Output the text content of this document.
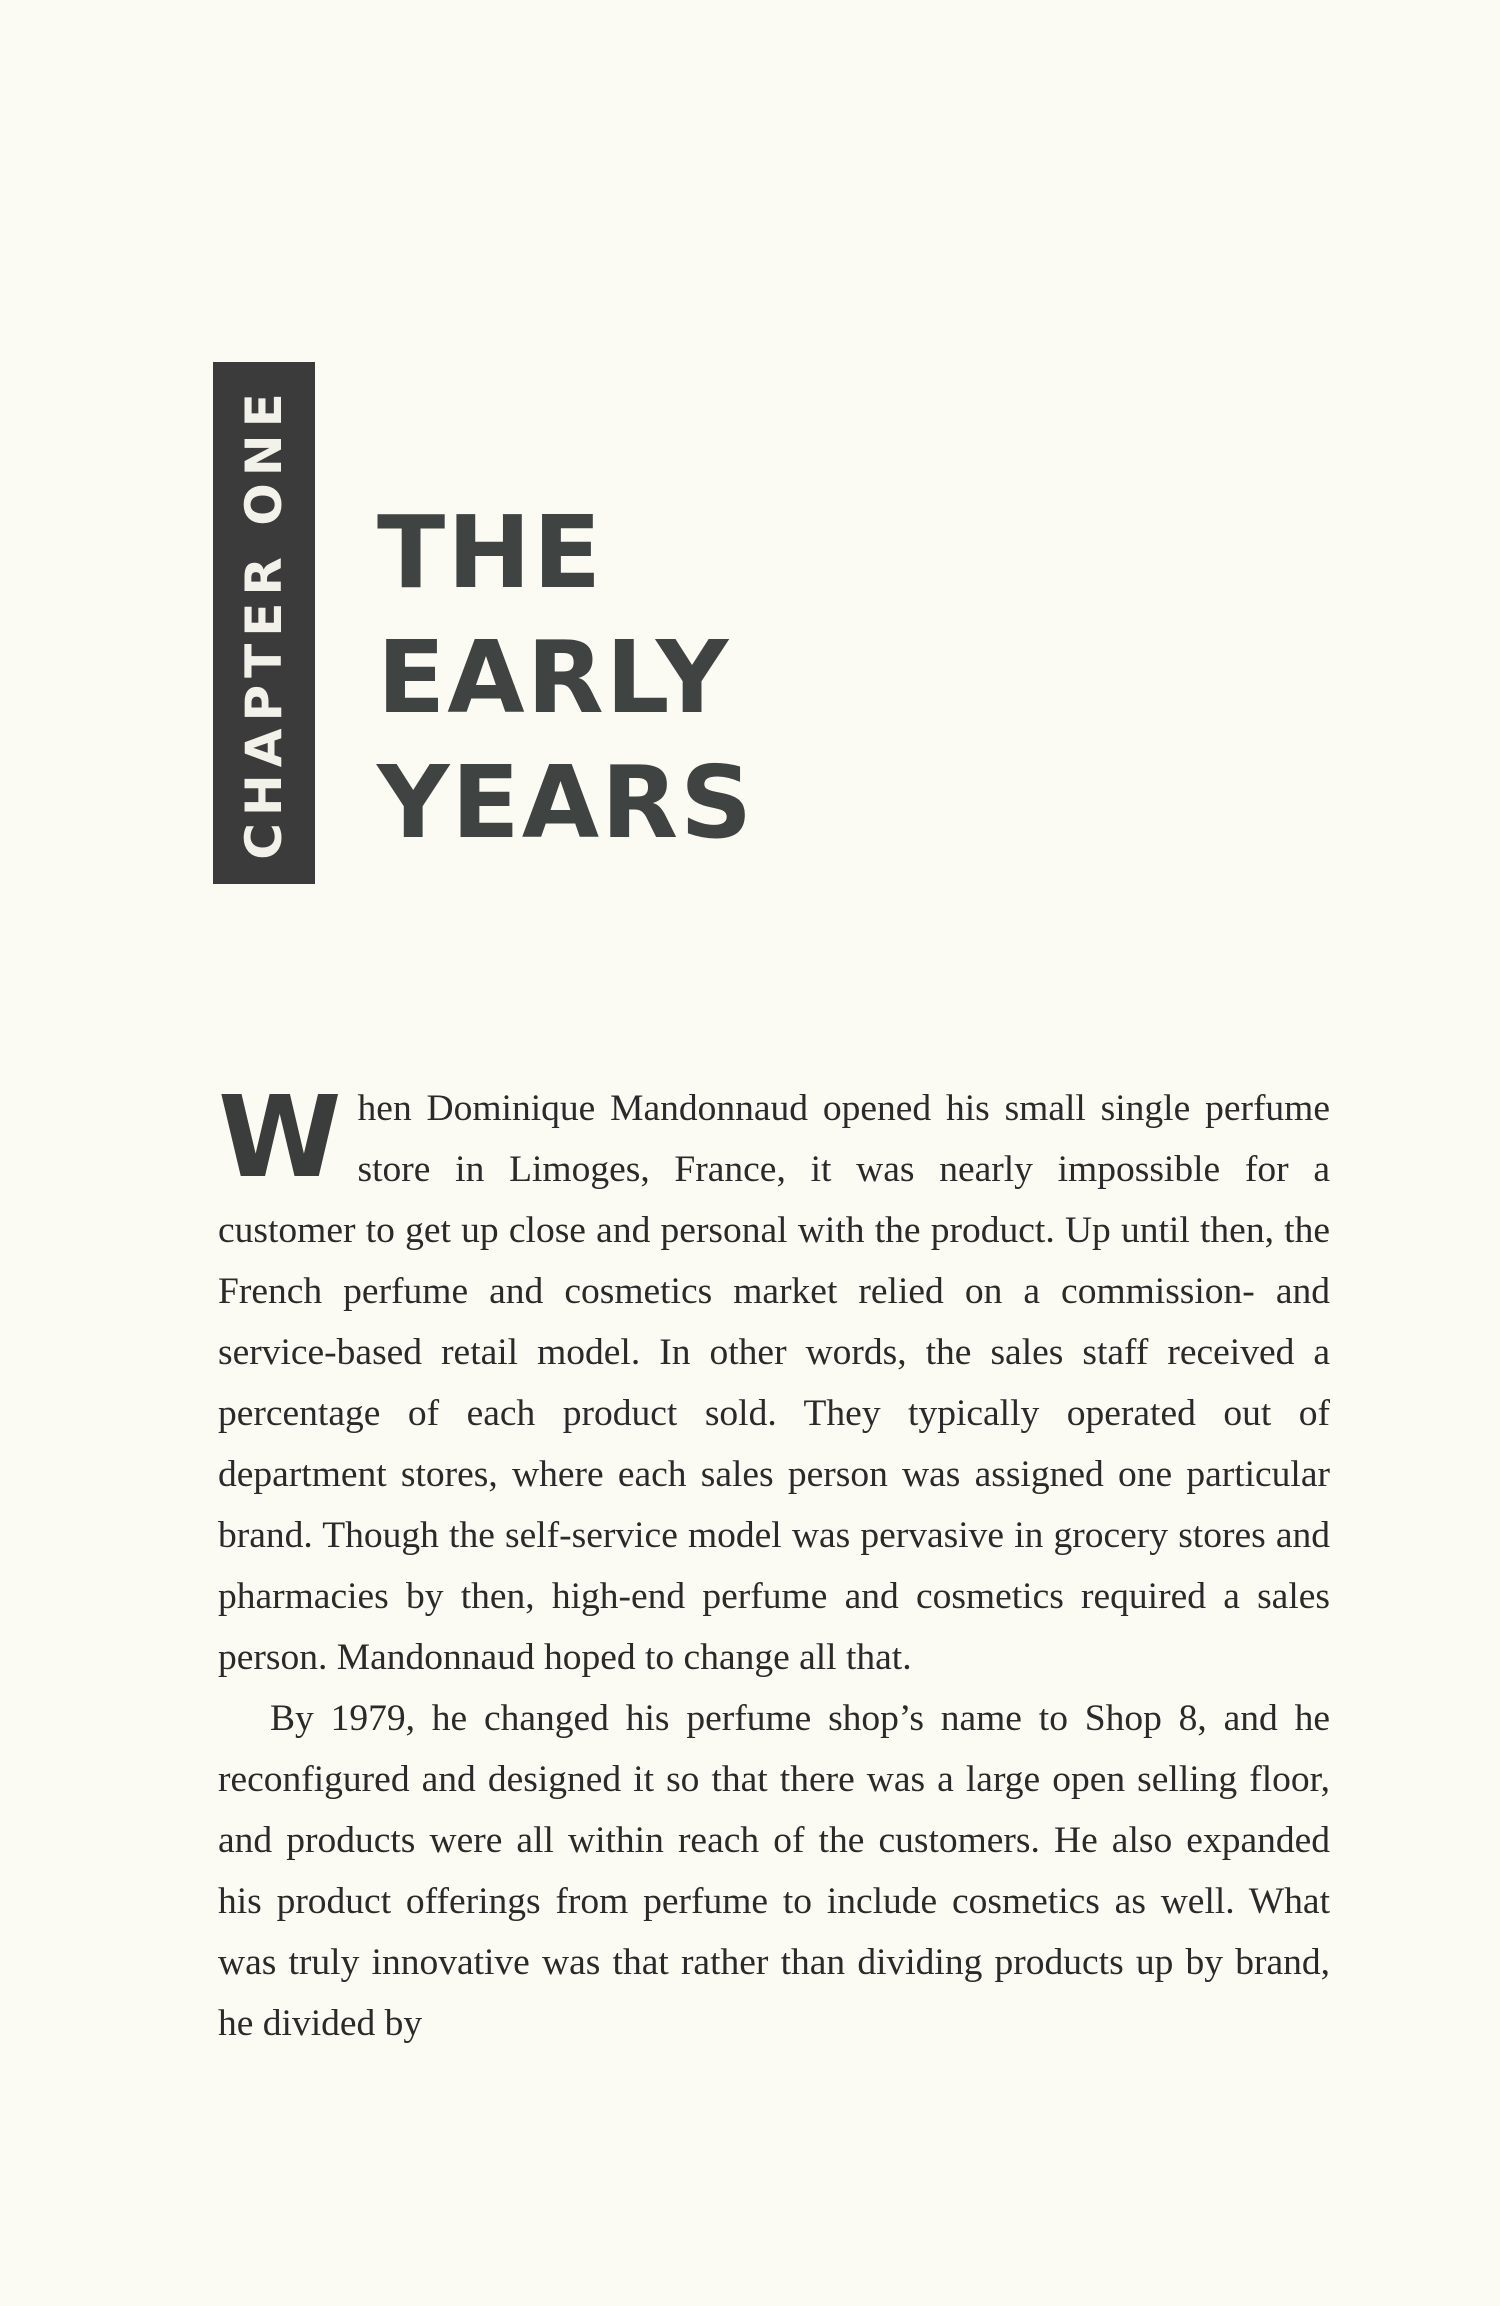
CHAPTER ONE THE
EARLY
YEARS

When Dominique Mandonnaud opened his small single perfume store in Limoges, France, it was nearly impossible for a customer to get up close and personal with the product. Up until then, the French perfume and cosmetics market relied on a commission- and service-based retail model. In other words, the sales staff received a percentage of each product sold. They typically operated out of department stores, where each sales person was assigned one particular brand. Though the self-service model was pervasive in grocery stores and pharmacies by then, high-end perfume and cosmetics required a sales person. Mandonnaud hoped to change all that.

By 1979, he changed his perfume shop’s name to Shop 8, and he reconfigured and designed it so that there was a large open selling floor, and products were all within reach of the customers. He also expanded his product offerings from perfume to include cosmetics as well. What was truly innovative was that rather than dividing products up by brand, he divided by
